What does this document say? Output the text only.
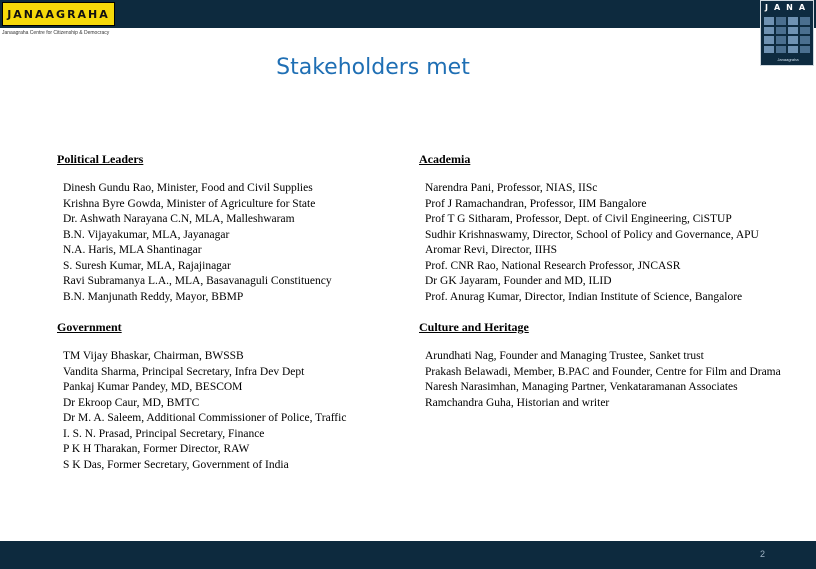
JANAAGRAHA
Janaagraha Centre for Citizenship & Democracy
JANA
Janaagraha
Stakeholders met
Political Leaders
Dinesh Gundu Rao, Minister, Food and Civil Supplies
Krishna Byre Gowda, Minister of Agriculture for State
Dr. Ashwath Narayana C.N, MLA, Malleshwaram
B.N. Vijayakumar, MLA, Jayanagar
N.A. Haris, MLA Shantinagar
S. Suresh Kumar, MLA, Rajajinagar
Ravi Subramanya L.A., MLA, Basavanaguli Constituency
B.N. Manjunath Reddy, Mayor, BBMP
Government
TM Vijay Bhaskar, Chairman, BWSSB
Vandita Sharma, Principal Secretary, Infra Dev Dept
Pankaj Kumar Pandey, MD, BESCOM
Dr Ekroop Caur, MD, BMTC
Dr M. A. Saleem, Additional Commissioner of Police, Traffic
I. S. N. Prasad, Principal Secretary, Finance
P K H Tharakan, Former Director, RAW
S K Das, Former Secretary, Government of India
Academia
Narendra Pani, Professor, NIAS, IISc
Prof J Ramachandran, Professor, IIM Bangalore
Prof T G Sitharam, Professor, Dept. of Civil Engineering, CiSTUP
Sudhir Krishnaswamy, Director, School of Policy and Governance, APU
Aromar Revi, Director, IIHS
Prof. CNR Rao, National Research Professor, JNCASR
Dr GK Jayaram, Founder and MD, ILID
Prof. Anurag Kumar, Director, Indian Institute of Science, Bangalore
Culture and Heritage
Arundhati Nag, Founder and Managing Trustee, Sanket trust
Prakash Belawadi, Member, B.PAC and Founder, Centre for Film and Drama
Naresh Narasimhan, Managing Partner, Venkataramanan Associates
Ramchandra Guha, Historian and writer
2
